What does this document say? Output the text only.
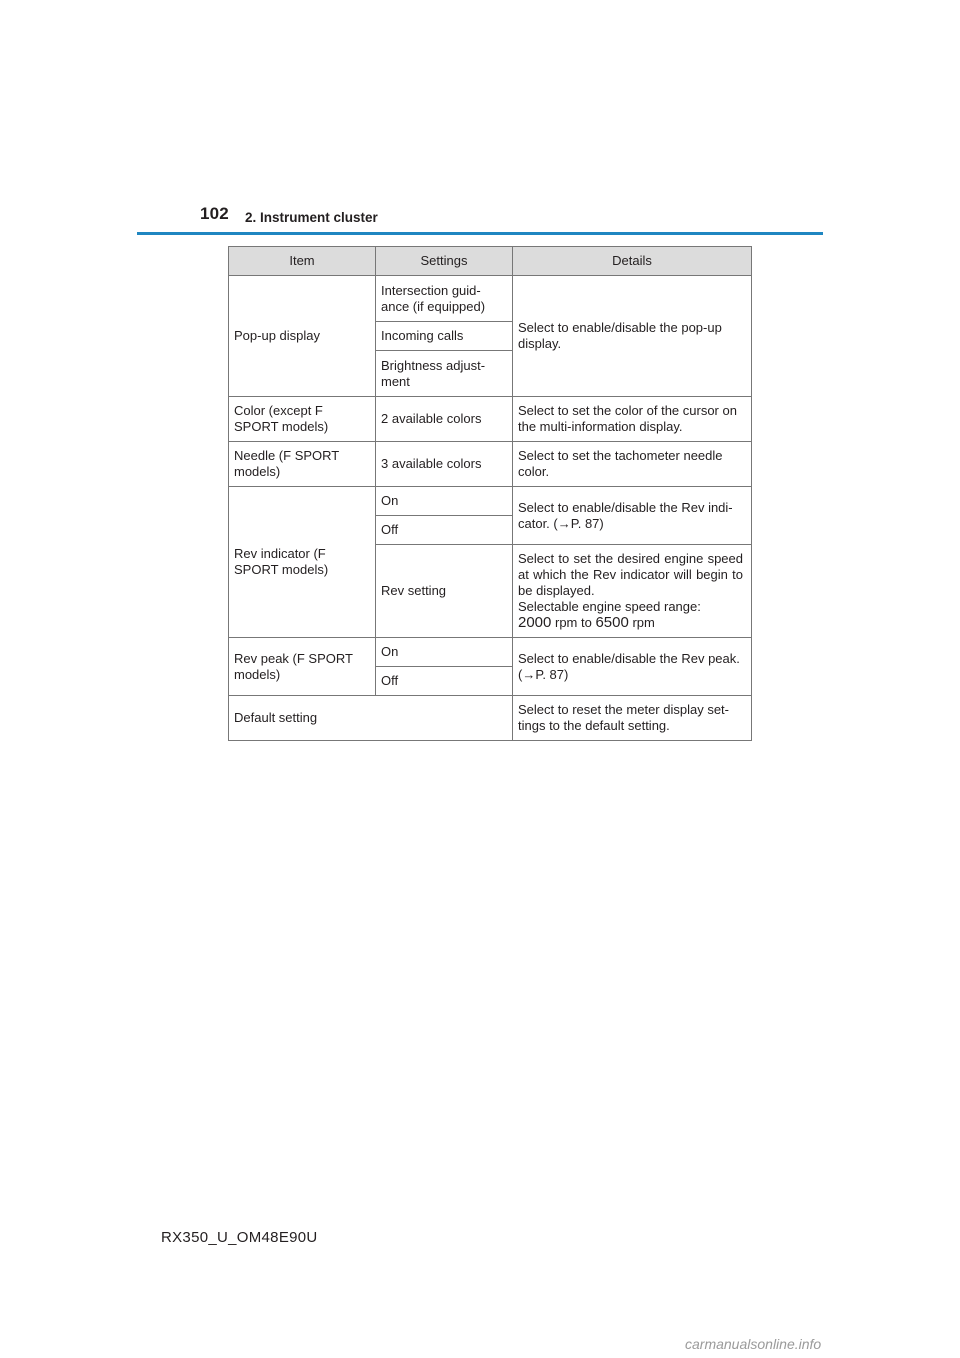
102 2. Instrument cluster
Item	Settings	Details
Pop-up display	Intersection guid-ance (if equipped)	Select to enable/disable the pop-up display.
	Incoming calls	
	Brightness adjust-ment	
Color (except F SPORT models)	2 available colors	Select to set the color of the cursor on the multi-information display.
Needle (F SPORT models)	3 available colors	Select to set the tachometer needle color.
Rev indicator (F SPORT models)	On	Select to enable/disable the Rev indi-cator. (→P. 87)
	Off	
	Rev setting	Select to set the desired engine speed at which the Rev indicator will begin to be displayed.
Selectable engine speed range:
2000 rpm to 6500 rpm

Rev peak (F SPORT models)	On	Select to enable/disable the Rev peak. (→P. 87)
	Off	
Default setting		Select to reset the meter display set-tings to the default setting.
RX350_U_OM48E90U
carmanualsonline.info
